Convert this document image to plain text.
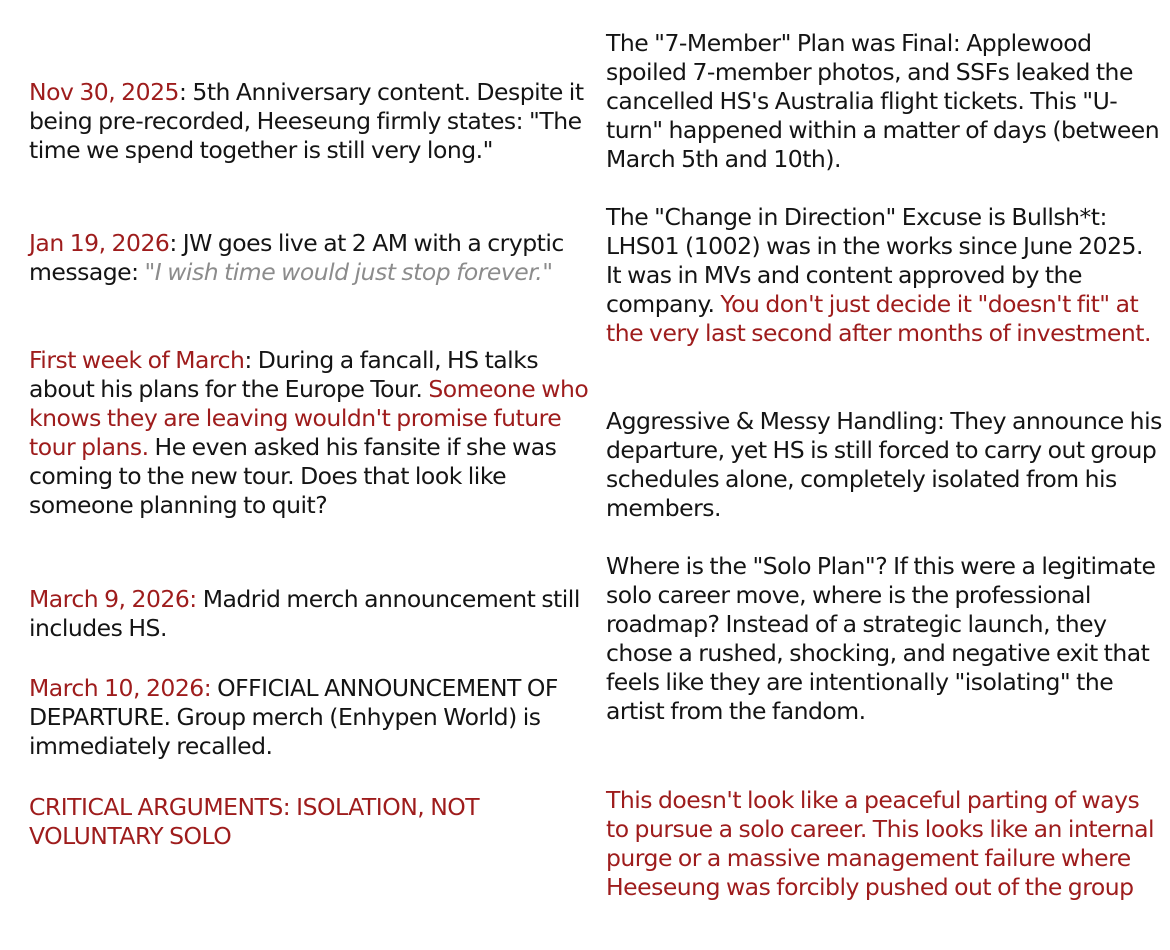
Nov 30, 2025: 5th Anniversary content. Despite it being pre-recorded, Heeseung firmly states: "The time we spend together is still very long."

Jan 19, 2026: JW goes live at 2 AM with a cryptic message: "I wish time would just stop forever."

First week of March: During a fancall, HS talks about his plans for the Europe Tour. Someone who knows they are leaving wouldn't promise future tour plans. He even asked his fansite if she was coming to the new tour. Does that look like someone planning to quit?

March 9, 2026: Madrid merch announcement still includes HS.

March 10, 2026: OFFICIAL ANNOUNCEMENT OF DEPARTURE. Group merch (Enhypen World) is immediately recalled.

CRITICAL ARGUMENTS: ISOLATION, NOT VOLUNTARY SOLO

The "7-Member" Plan was Final: Applewood spoiled 7-member photos, and SSFs leaked the cancelled HS's Australia flight tickets. This "U-turn" happened within a matter of days (between March 5th and 10th).

The "Change in Direction" Excuse is Bullsh*t: LHS01 (1002) was in the works since June 2025. It was in MVs and content approved by the company. You don't just decide it "doesn't fit" at the very last second after months of investment.

Aggressive & Messy Handling: They announce his departure, yet HS is still forced to carry out group schedules alone, completely isolated from his members.

Where is the "Solo Plan"? If this were a legitimate solo career move, where is the professional roadmap? Instead of a strategic launch, they chose a rushed, shocking, and negative exit that feels like they are intentionally "isolating" the artist from the fandom.

This doesn't look like a peaceful parting of ways to pursue a solo career. This looks like an internal purge or a massive management failure where Heeseung was forcibly pushed out of the group
